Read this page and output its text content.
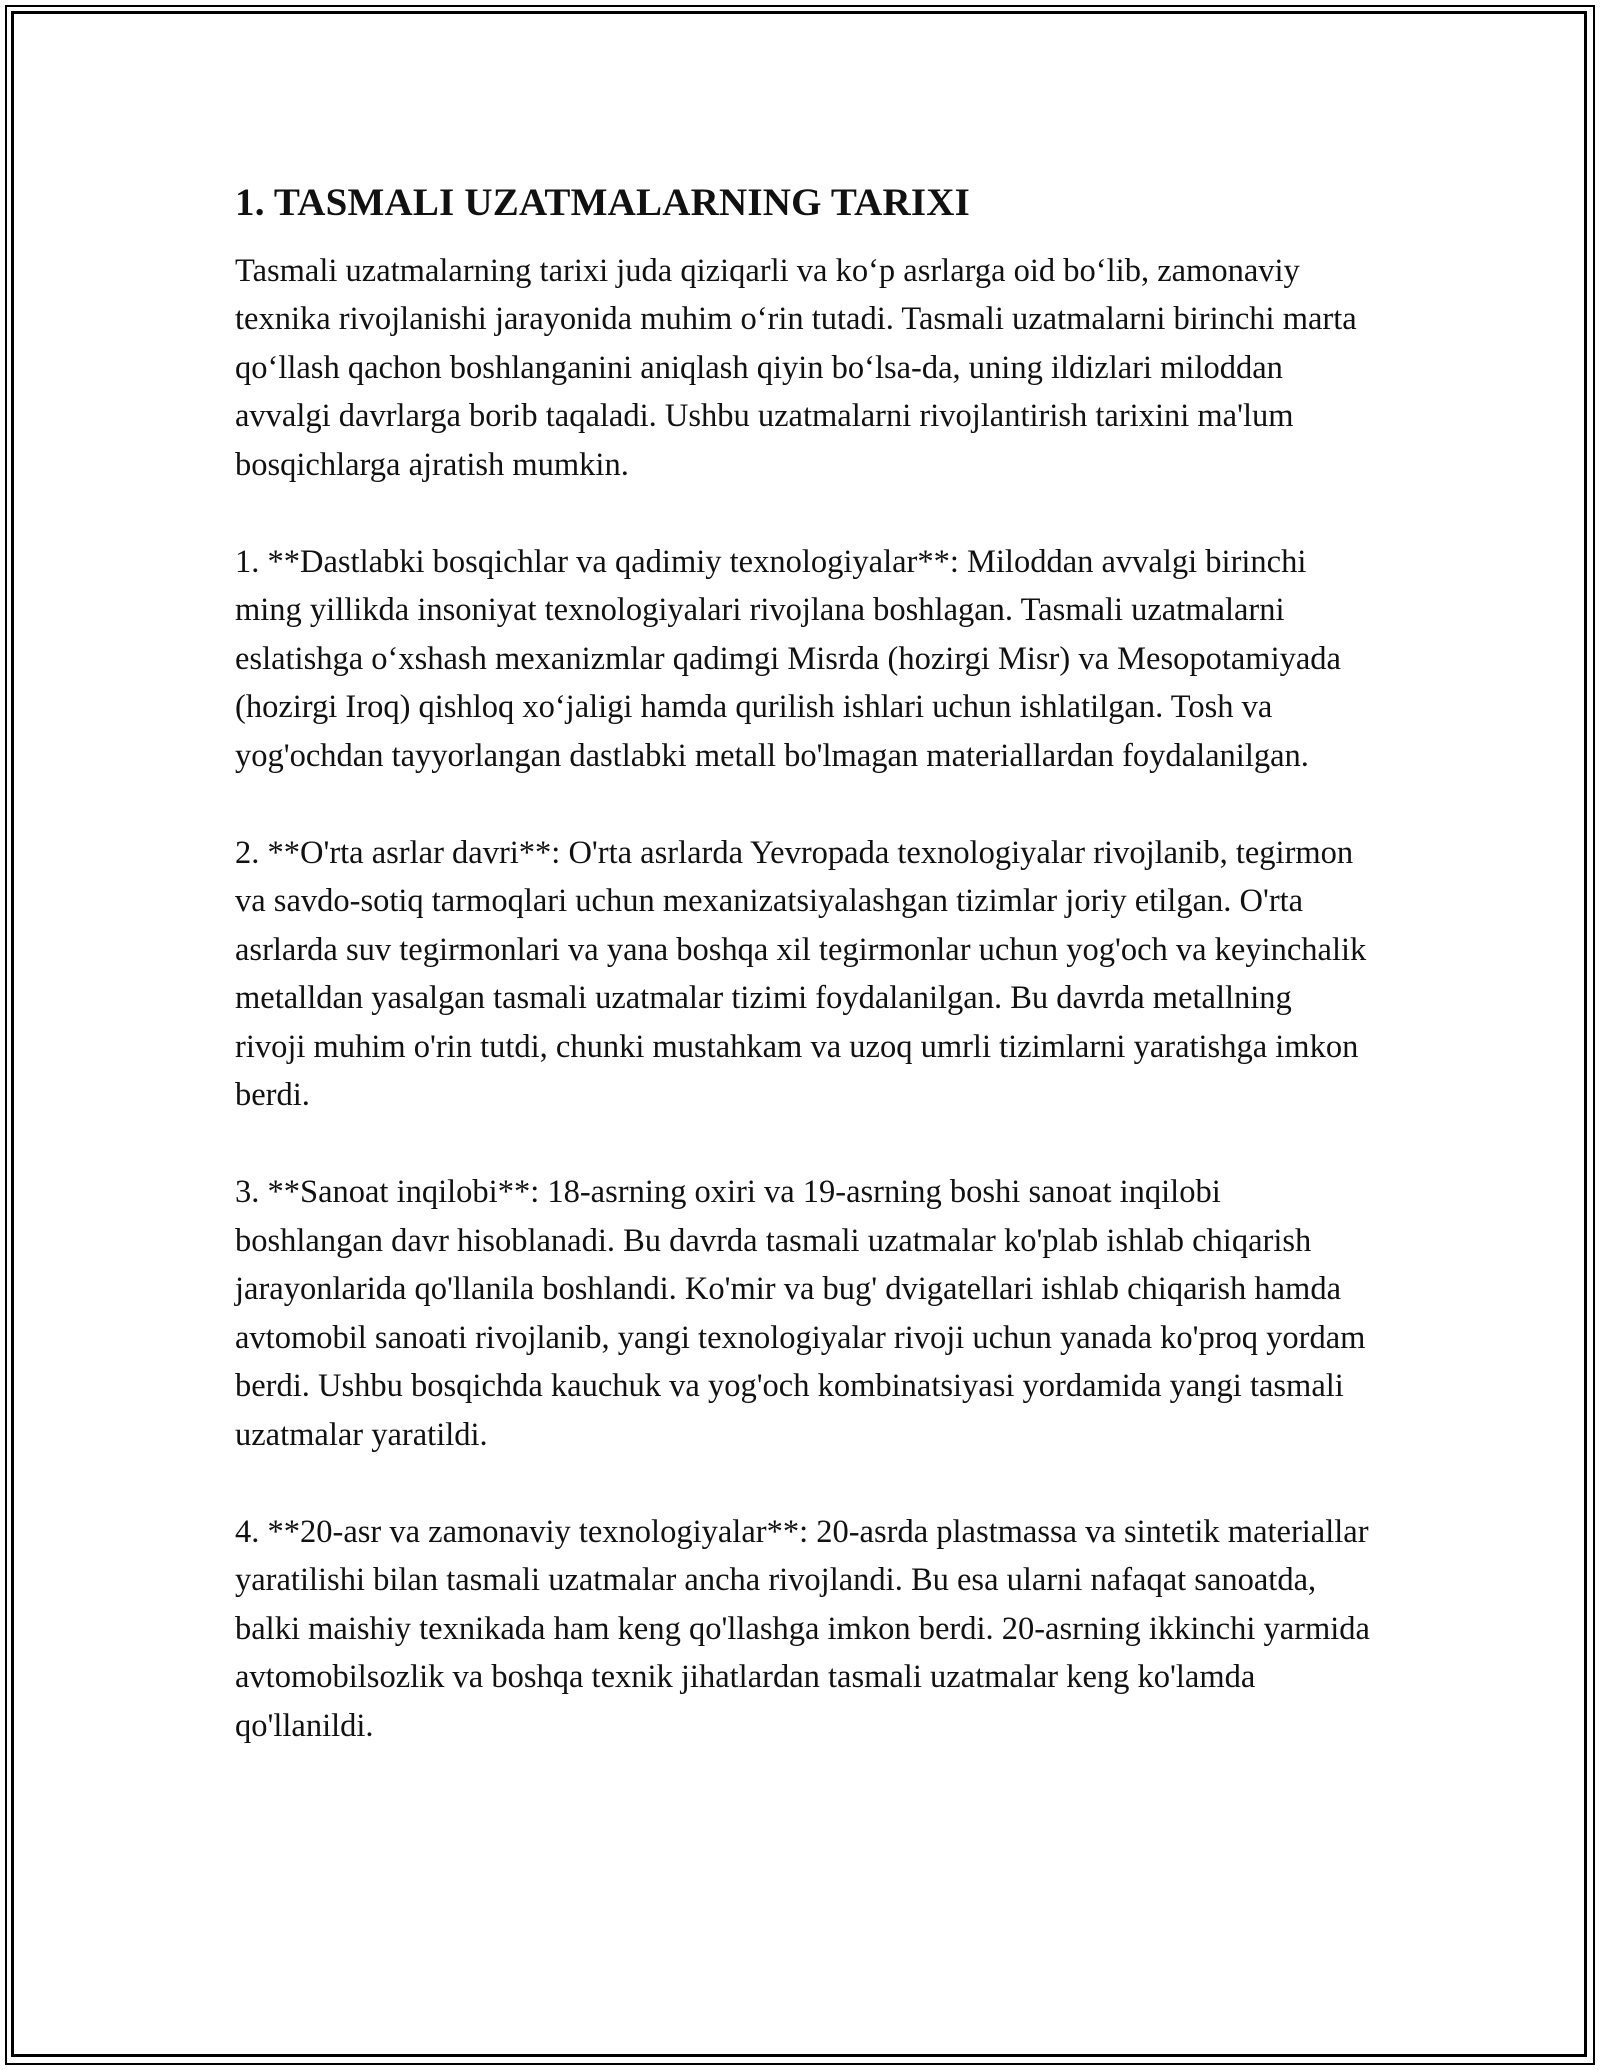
1. TASMALI UZATMALARNING TARIXI

Tasmali uzatmalarning tarixi juda qiziqarli va ko‘p asrlarga oid bo‘lib, zamonaviy texnika rivojlanishi jarayonida muhim o‘rin tutadi. Tasmali uzatmalarni birinchi marta qo‘llash qachon boshlanganini aniqlash qiyin bo‘lsa-da, uning ildizlari miloddan avvalgi davrlarga borib taqaladi. Ushbu uzatmalarni rivojlantirish tarixini ma'lum bosqichlarga ajratish mumkin.

1. **Dastlabki bosqichlar va qadimiy texnologiyalar**: Miloddan avvalgi birinchi ming yillikda insoniyat texnologiyalari rivojlana boshlagan. Tasmali uzatmalarni eslatishga o‘xshash mexanizmlar qadimgi Misrda (hozirgi Misr) va Mesopotamiyada (hozirgi Iroq) qishloq xo‘jaligi hamda qurilish ishlari uchun ishlatilgan. Tosh va yog'ochdan tayyorlangan dastlabki metall bo'lmagan materiallardan foydalanilgan.

2. **O'rta asrlar davri**: O'rta asrlarda Yevropada texnologiyalar rivojlanib, tegirmon va savdo-sotiq tarmoqlari uchun mexanizatsiyalashgan tizimlar joriy etilgan. O'rta asrlarda suv tegirmonlari va yana boshqa xil tegirmonlar uchun yog'och va keyinchalik metalldan yasalgan tasmali uzatmalar tizimi foydalanilgan. Bu davrda metallning rivoji muhim o'rin tutdi, chunki mustahkam va uzoq umrli tizimlarni yaratishga imkon berdi.

3. **Sanoat inqilobi**: 18-asrning oxiri va 19-asrning boshi sanoat inqilobi boshlangan davr hisoblanadi. Bu davrda tasmali uzatmalar ko'plab ishlab chiqarish jarayonlarida qo'llanila boshlandi. Ko'mir va bug' dvigatellari ishlab chiqarish hamda avtomobil sanoati rivojlanib, yangi texnologiyalar rivoji uchun yanada ko'proq yordam berdi. Ushbu bosqichda kauchuk va yog'och kombinatsiyasi yordamida yangi tasmali uzatmalar yaratildi.

4. **20-asr va zamonaviy texnologiyalar**: 20-asrda plastmassa va sintetik materiallar yaratilishi bilan tasmali uzatmalar ancha rivojlandi. Bu esa ularni nafaqat sanoatda, balki maishiy texnikada ham keng qo'llashga imkon berdi. 20-asrning ikkinchi yarmida avtomobilsozlik va boshqa texnik jihatlardan tasmali uzatmalar keng ko'lamda qo'llanildi.
